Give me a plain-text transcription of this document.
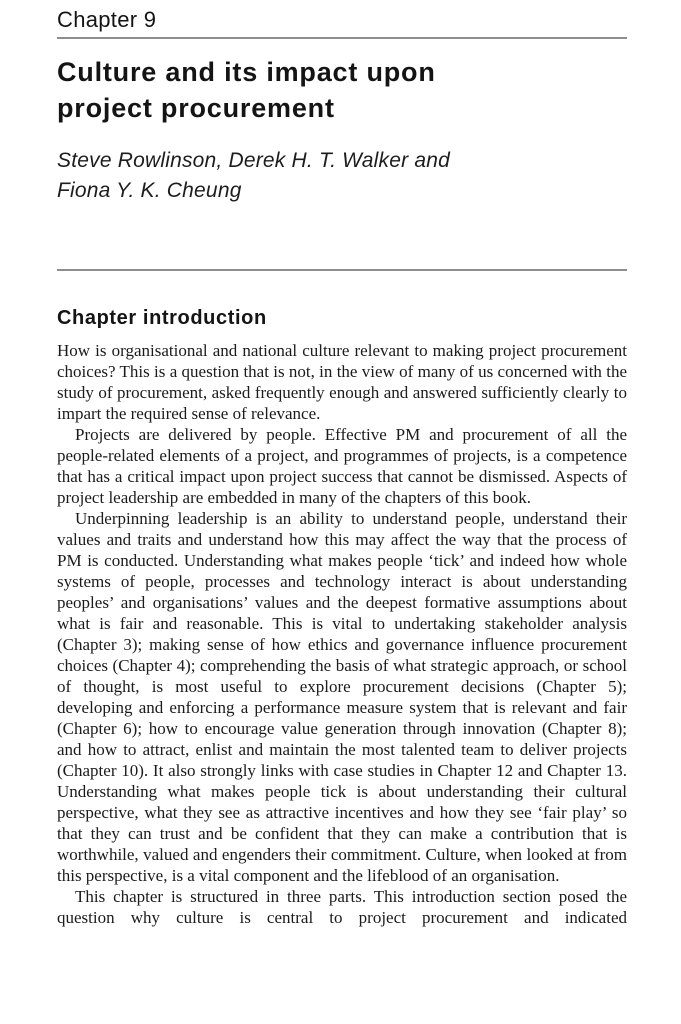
Chapter 9
Culture and its impact upon
project procurement
Steve Rowlinson, Derek H. T. Walker and
Fiona Y. K. Cheung
Chapter introduction

How is organisational and national culture relevant to making project procurement choices? This is a question that is not, in the view of many of us concerned with the study of procurement, asked frequently enough and answered sufficiently clearly to impart the required sense of relevance.

Projects are delivered by people. Effective PM and procurement of all the people-related elements of a project, and programmes of projects, is a competence that has a critical impact upon project success that cannot be dismissed. Aspects of project leadership are embedded in many of the chapters of this book.

Underpinning leadership is an ability to understand people, understand their values and traits and understand how this may affect the way that the process of PM is conducted. Understanding what makes people ‘tick’ and indeed how whole systems of people, processes and technology interact is about understanding peoples’ and organisations’ values and the deepest formative assumptions about what is fair and reasonable. This is vital to undertaking stakeholder analysis (Chapter 3); making sense of how ethics and governance influence procurement choices (Chapter 4); comprehending the basis of what strategic approach, or school of thought, is most useful to explore procurement decisions (Chapter 5); developing and enforcing a performance measure system that is relevant and fair (Chapter 6); how to encourage value generation through innovation (Chapter 8); and how to attract, enlist and maintain the most talented team to deliver projects (Chapter 10). It also strongly links with case studies in Chapter 12 and Chapter 13. Understanding what makes people tick is about understanding their cultural perspective, what they see as attractive incentives and how they see ‘fair play’ so that they can trust and be confident that they can make a contribution that is worthwhile, valued and engenders their commitment. Culture, when looked at from this perspective, is a vital component and the lifeblood of an organisation.

This chapter is structured in three parts. This introduction section posed the question why culture is central to project procurement and indicated
